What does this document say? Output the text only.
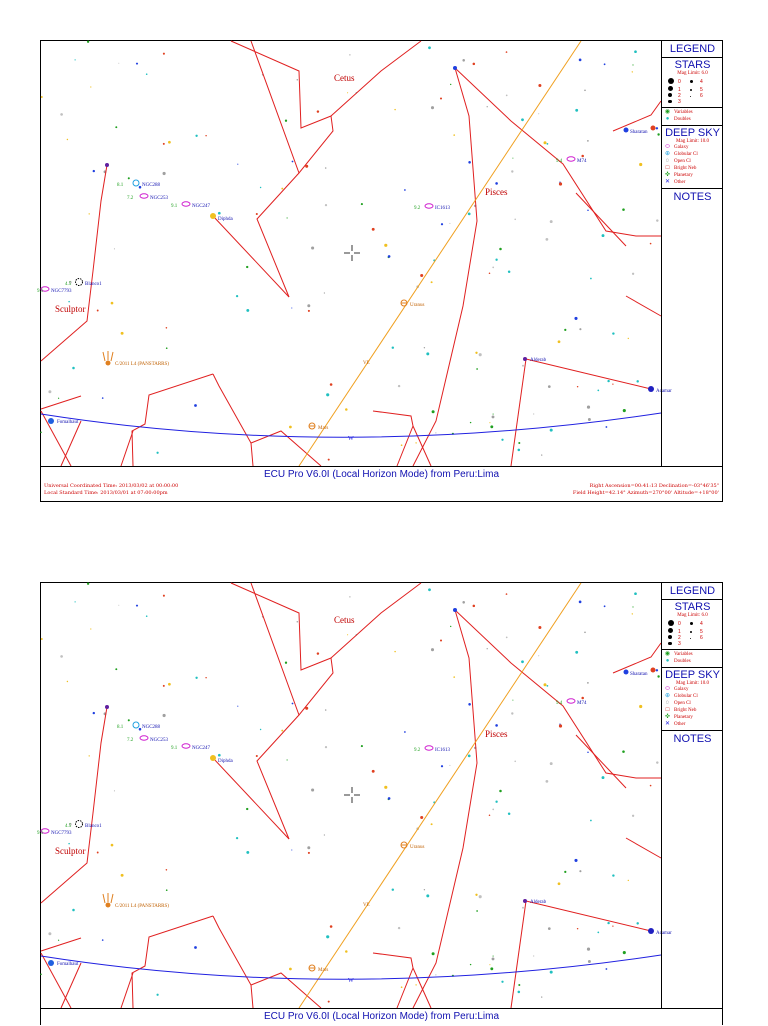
Cetus
Pisces
Sculptor
8.1	NGC288
7.2	NGC253
9.1	NGC247	9.2	IC1613
9.4	M74
4.5	Blanco1
9.1 NGC7793
Diphda
Sharatan
Fomalhaut
Alderab
Acamar
Uranus
Mars
C/2011 L4 (PANSTARRS)	VE
W
LEGEND
STARS
Mag Limit: 6.0
0	4
1	5
2	6
3
◉ Variables
● Doubles
DEEP SKY
Mag Limit: 10.0
⬭ Galaxy
⊕ Globular Cl
◌ Open Cl
□ Bright Neb
✜ Planetary
✕ Other
NOTES
ECU Pro V6.0I (Local Horizon Mode) from Peru:Lima
Universal Coordinated Time: 2013/03/02 at 00:00:00
Local Standard Time: 2013/03/01 at 07:00:00pm
Right Ascension=00:41:13 Declination=-03°46'35"
Field Height=42.14° Azimuth=270°00' Altitude=+18°00'
Cetus
Pisces
Sculptor
8.1	NGC288
7.2	NGC253
9.1	NGC247	9.2	IC1613
9.4	M74
4.5	Blanco1
9.1 NGC7793
Diphda
Sharatan
Fomalhaut
Alderab
Acamar
Uranus
Mars
C/2011 L4 (PANSTARRS)	VE
W
LEGEND
STARS
Mag Limit: 6.0
0	4
1	5
2	6
3
◉ Variables
● Doubles
DEEP SKY
Mag Limit: 10.0
⬭ Galaxy
⊕ Globular Cl
◌ Open Cl
□ Bright Neb
✜ Planetary
✕ Other
NOTES
ECU Pro V6.0I (Local Horizon Mode) from Peru:Lima
